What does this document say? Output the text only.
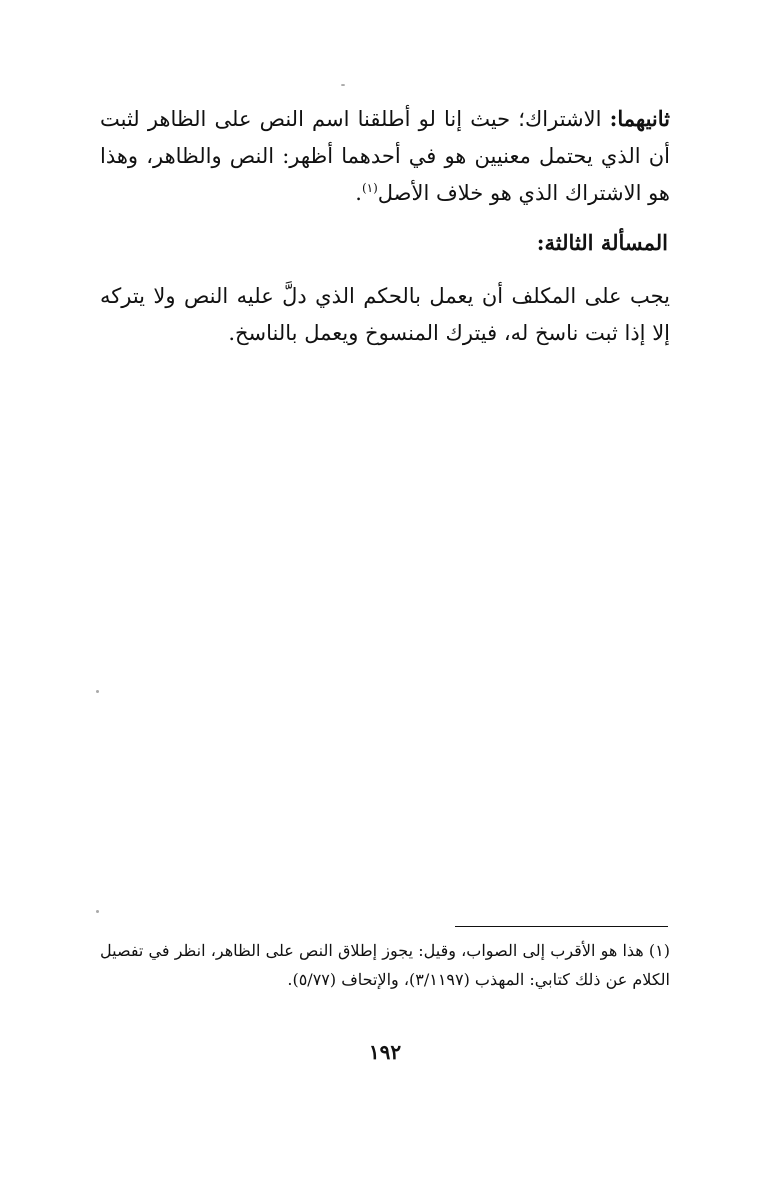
ثانيهما: الاشتراك؛ حيث إنا لو أطلقنا اسم النص على الظاهر لثبت أن الذي يحتمل معنيين هو في أحدهما أظهر: النص والظاهر، وهذا هو الاشتراك الذي هو خلاف الأصل$^{(١)}$.
المسألة الثالثة:
يجب على المكلف أن يعمل بالحكم الذي دلَّ عليه النص ولا يتركه إلا إذا ثبت ناسخ له، فيترك المنسوخ ويعمل بالناسخ.
(١) هذا هو الأقرب إلى الصواب، وقيل: يجوز إطلاق النص على الظاهر، انظر في تفصيل الكلام عن ذلك كتابي: المهذب (٣/١١٩٧)، والإتحاف (٥/٧٧).
١٩٢
